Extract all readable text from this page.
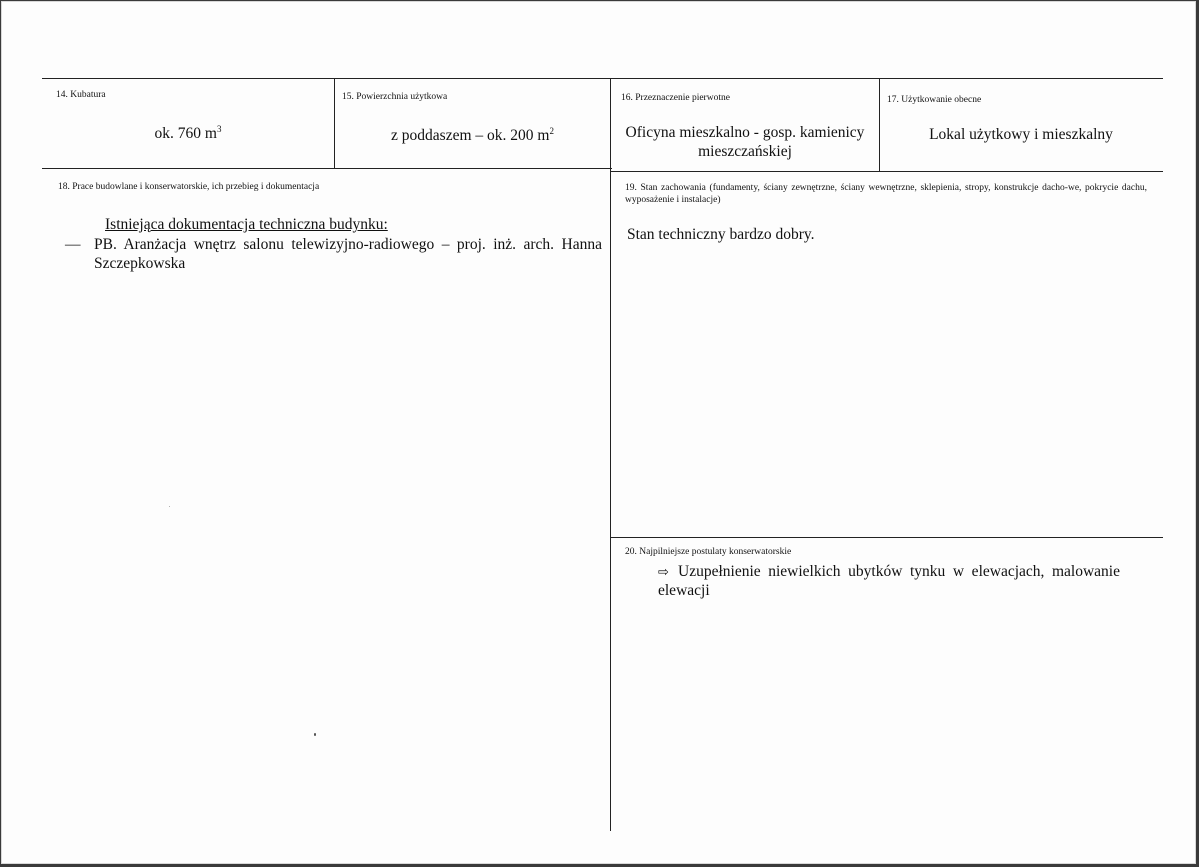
14. Kubatura
ok. 760 $m^3$
15. Powierzchnia użytkowa
z poddaszem – ok. 200 $m^2$
16. Przeznaczenie pierwotne
Oficyna mieszkalno - gosp. kamienicy mieszczańskiej
17. Użytkowanie obecne
Lokal użytkowy i mieszkalny
18. Prace budowlane i konserwatorskie, ich przebieg i dokumentacja
Istniejąca dokumentacja techniczna budynku:
— PB. Aranżacja wnętrz salonu telewizyjno-radiowego – proj. inż. arch. Hanna Szczepkowska
19. Stan zachowania (fundamenty, ściany zewnętrzne, ściany wewnętrzne, sklepienia, stropy, konstrukcje dacho-we, pokrycie dachu, wyposażenie i instalacje)
Stan techniczny bardzo dobry.
20. Najpilniejsze postulaty konserwatorskie
⇨ Uzupełnienie niewielkich ubytków tynku w elewacjach, malowanie elewacji
